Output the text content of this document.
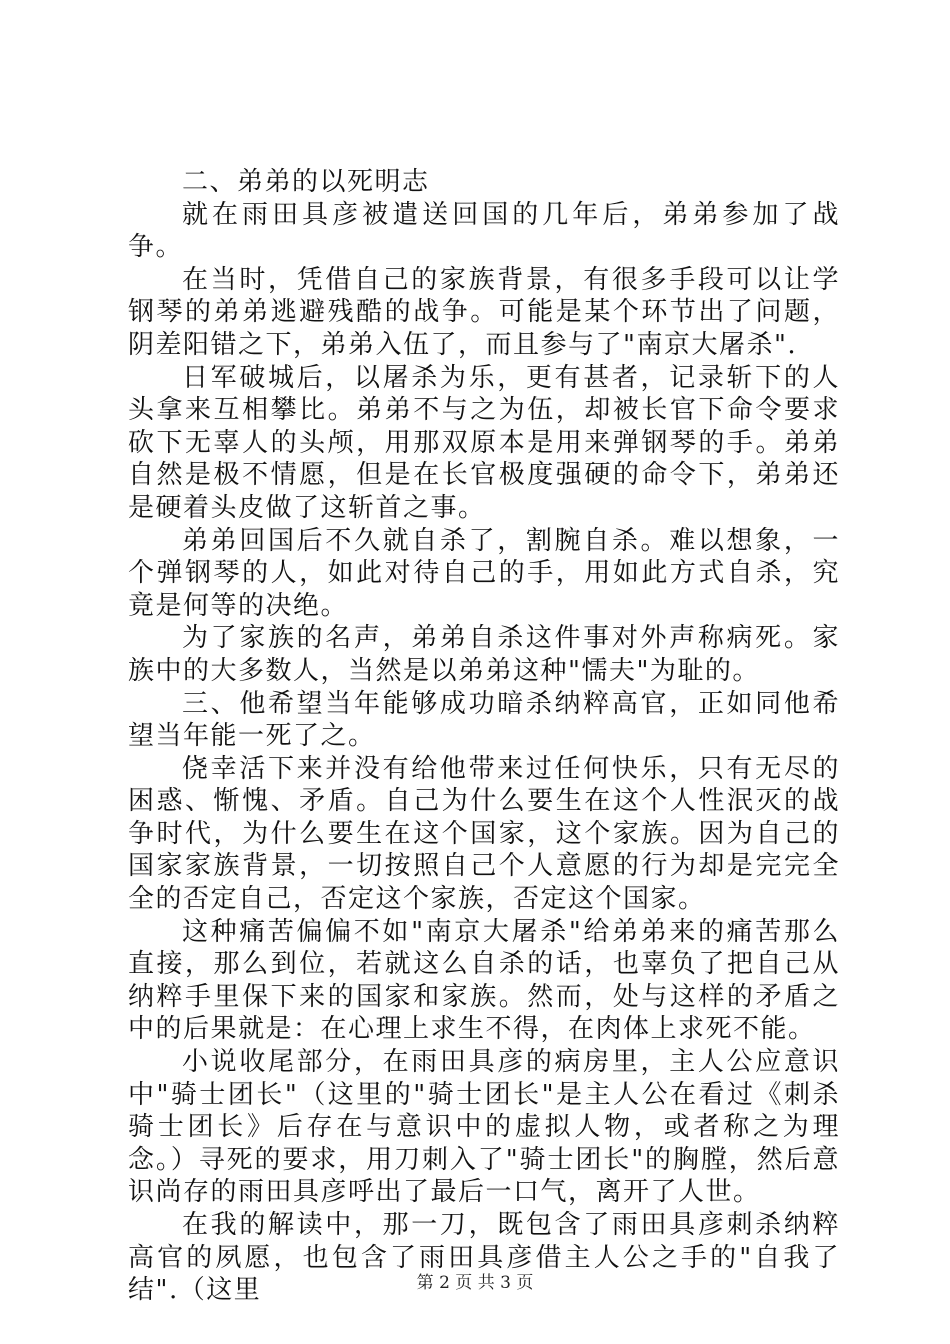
二、弟弟的以死明志

就在雨田具彦被遣送回国的几年后，弟弟参加了战争。

在当时，凭借自己的家族背景，有很多手段可以让学钢琴的弟弟逃避残酷的战争。可能是某个环节出了问题，阴差阳错之下，弟弟入伍了，而且参与了"南京大屠杀".

日军破城后，以屠杀为乐，更有甚者，记录斩下的人头拿来互相攀比。弟弟不与之为伍，却被长官下命令要求砍下无辜人的头颅，用那双原本是用来弹钢琴的手。弟弟自然是极不情愿，但是在长官极度强硬的命令下，弟弟还是硬着头皮做了这斩首之事。

弟弟回国后不久就自杀了，割腕自杀。难以想象，一个弹钢琴的人，如此对待自己的手，用如此方式自杀，究竟是何等的决绝。

为了家族的名声，弟弟自杀这件事对外声称病死。家族中的大多数人，当然是以弟弟这种"懦夫"为耻的。

三、他希望当年能够成功暗杀纳粹高官，正如同他希望当年能一死了之。

侥幸活下来并没有给他带来过任何快乐，只有无尽的困惑、惭愧、矛盾。自己为什么要生在这个人性泯灭的战争时代，为什么要生在这个国家，这个家族。因为自己的国家家族背景，一切按照自己个人意愿的行为却是完完全全的否定自己，否定这个家族，否定这个国家。

这种痛苦偏偏不如"南京大屠杀"给弟弟来的痛苦那么直接，那么到位，若就这么自杀的话，也辜负了把自己从纳粹手里保下来的国家和家族。然而，处与这样的矛盾之中的后果就是：在心理上求生不得，在肉体上求死不能。

小说收尾部分，在雨田具彦的病房里，主人公应意识中"骑士团长"（这里的"骑士团长"是主人公在看过《刺杀骑士团长》后存在与意识中的虚拟人物，或者称之为理念。）寻死的要求，用刀刺入了"骑士团长"的胸膛，然后意识尚存的雨田具彦呼出了最后一口气，离开了人世。

在我的解读中，那一刀，既包含了雨田具彦刺杀纳粹高官的夙愿，也包含了雨田具彦借主人公之手的"自我了结".（这里	第 2 页 共 3 页
